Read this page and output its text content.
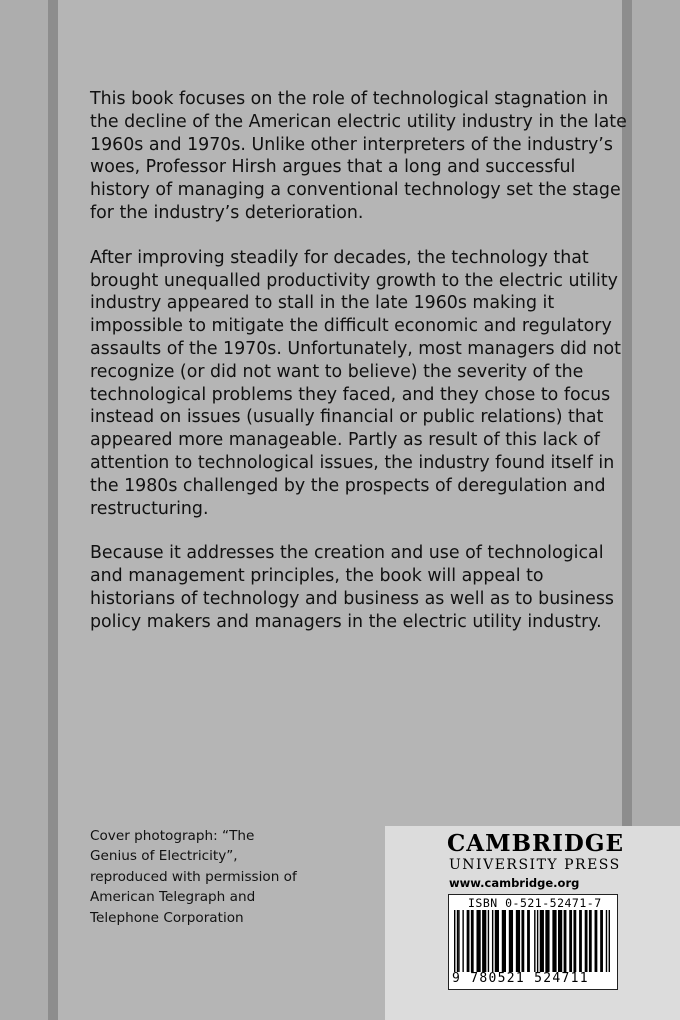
This book focuses on the role of technological stagnation in the decline of the American electric utility industry in the late 1960s and 1970s. Unlike other interpreters of the industry’s woes, Professor Hirsh argues that a long and successful history of managing a conventional technology set the stage for the industry’s deterioration.

After improving steadily for decades, the technology that brought unequalled productivity growth to the electric utility industry appeared to stall in the late 1960s making it impossible to mitigate the difficult economic and regulatory assaults of the 1970s. Unfortunately, most managers did not recognize (or did not want to believe) the severity of the technological problems they faced, and they chose to focus instead on issues (usually financial or public relations) that appeared more manageable. Partly as result of this lack of attention to technological issues, the industry found itself in the 1980s challenged by the prospects of deregulation and restructuring.

Because it addresses the creation and use of technological and management principles, the book will appeal to historians of technology and business as well as to business policy makers and managers in the electric utility industry.

Cover photograph: “The Genius of Electricity”, reproduced with permission of American Telegraph and Telephone Corporation
CAMBRIDGE
UNIVERSITY PRESS
www.cambridge.org
ISBN 0-521-52471-7
9 780521 524711
